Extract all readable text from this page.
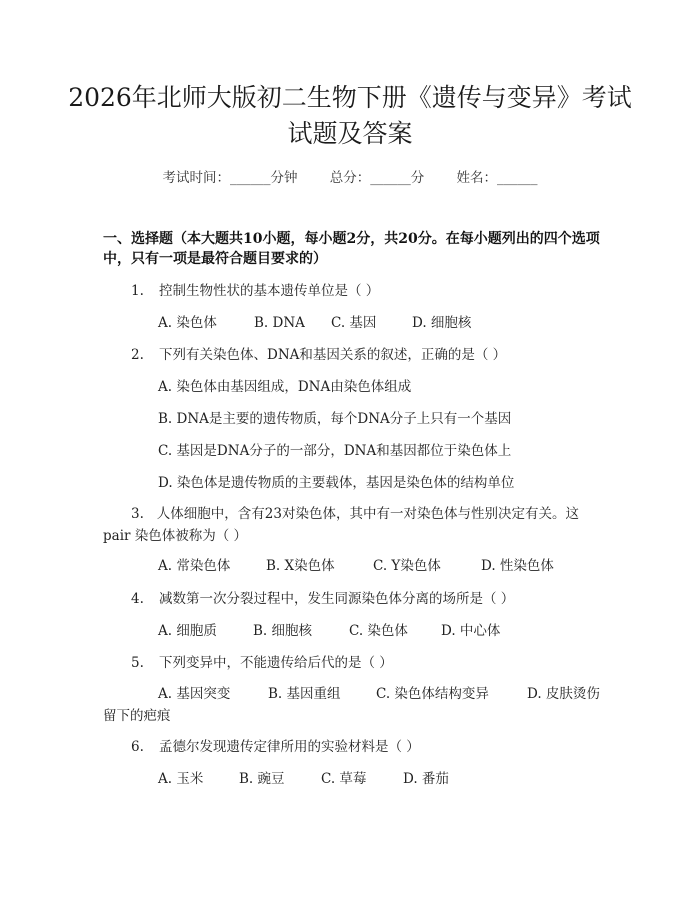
2026年北师大版初二生物下册《遗传与变异》考试试题及答案
考试时间：______分钟 总分：______分 姓名：______
一、选择题（本大题共10小题，每小题2分，共20分。在每小题列出的四个选项中，只有一项是最符合题目要求的）
1. 控制生物性状的基本遗传单位是（ ）
A. 染色体	B. DNA C. 基因	D. 细胞核
2. 下列有关染色体、DNA和基因关系的叙述，正确的是（ ）
A. 染色体由基因组成，DNA由染色体组成
B. DNA是主要的遗传物质，每个DNA分子上只有一个基因
C. 基因是DNA分子的一部分，DNA和基因都位于染色体上
D. 染色体是遗传物质的主要载体，基因是染色体的结构单位
3. 人体细胞中，含有23对染色体，其中有一对染色体与性别决定有关。这pair 染色体被称为（ ）
A. 常染色体	B. X染色体	C. Y染色体	D. 性染色体
4. 减数第一次分裂过程中，发生同源染色体分离的场所是（ ）
A. 细胞质	B. 细胞核	C. 染色体 D. 中心体
5. 下列变异中，不能遗传给后代的是（ ）
A. 基因突变	B. 基因重组	C. 染色体结构变异	D. 皮肤烫伤留下的疤痕
6. 孟德尔发现遗传定律所用的实验材料是（ ）
A. 玉米	B. 豌豆	C. 草莓	D. 番茄
